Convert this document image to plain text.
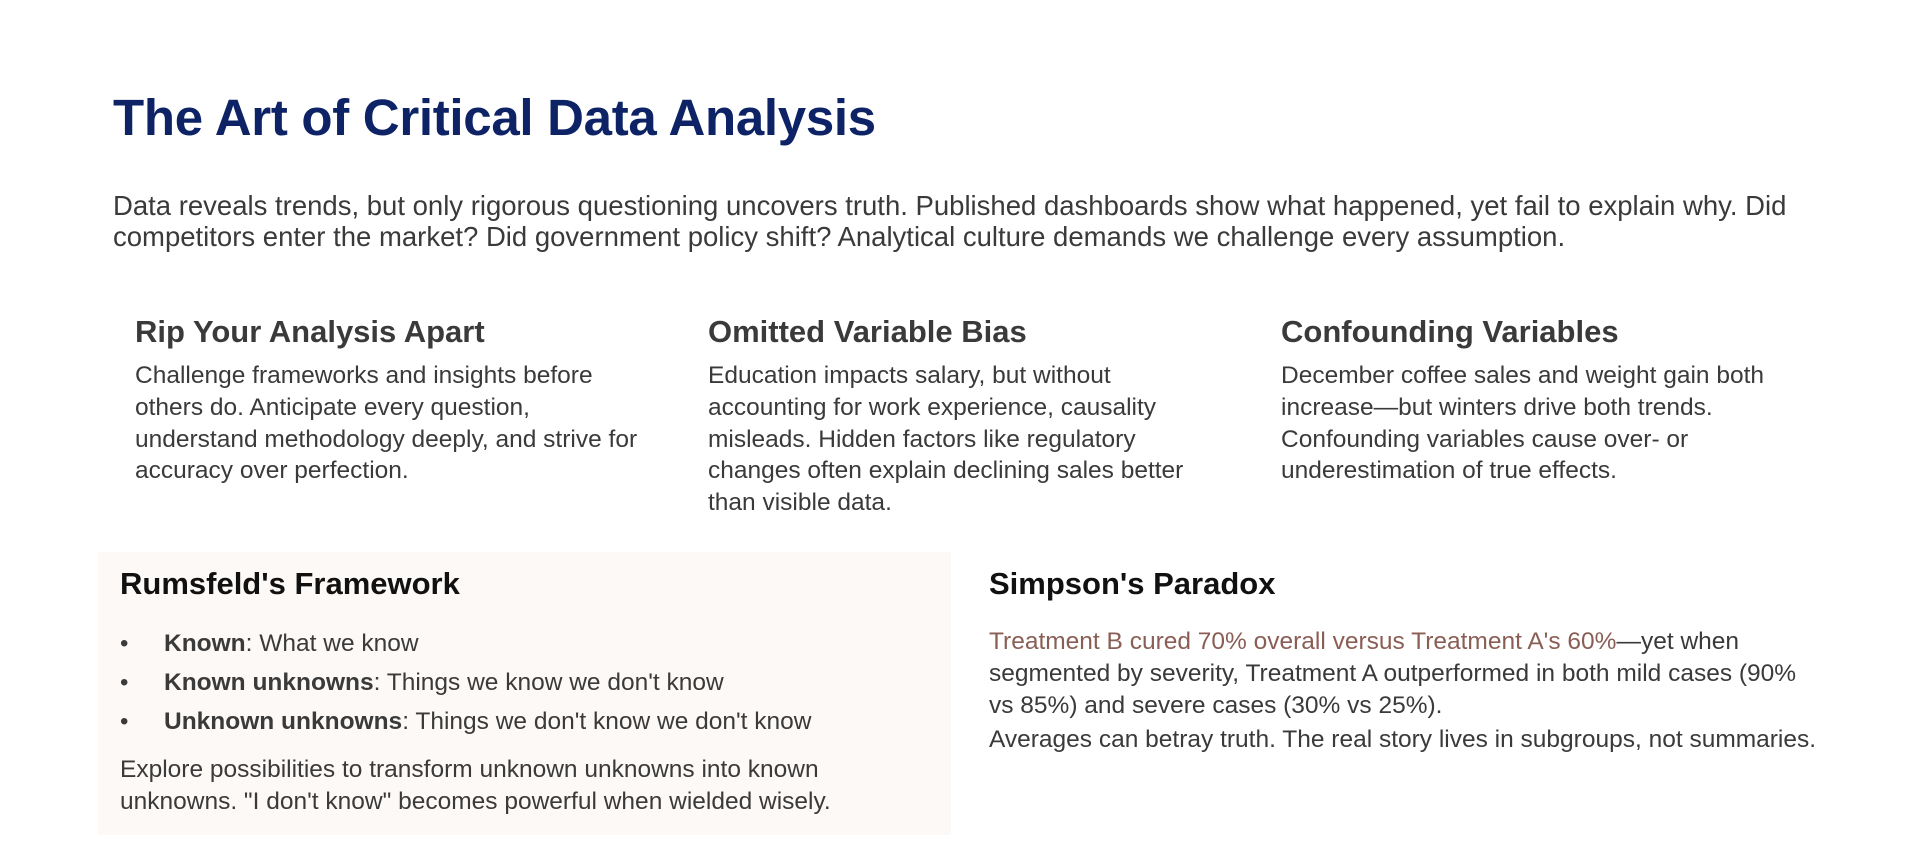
The Art of Critical Data Analysis

Data reveals trends, but only rigorous questioning uncovers truth. Published dashboards show what happened, yet fail to explain why. Did competitors enter the market? Did government policy shift? Analytical culture demands we challenge every assumption.

Rip Your Analysis Apart

Challenge frameworks and insights before others do. Anticipate every question, understand methodology deeply, and strive for accuracy over perfection.

Omitted Variable Bias

Education impacts salary, but without accounting for work experience, causality misleads. Hidden factors like regulatory changes often explain declining sales better than visible data.

Confounding Variables

December coffee sales and weight gain both increase—but winters drive both trends. Confounding variables cause over- or underestimation of true effects.

Rumsfeld's Framework
•	Known: What we know
•	Known unknowns: Things we know we don't know
•	Unknown unknowns: Things we don't know we don't know

Explore possibilities to transform unknown unknowns into known unknowns. "I don't know" becomes powerful when wielded wisely.

Simpson's Paradox

Treatment B cured 70% overall versus Treatment A's 60%—yet when segmented by severity, Treatment A outperformed in both mild cases (90% vs 85%) and severe cases (30% vs 25%).

Averages can betray truth. The real story lives in subgroups, not summaries.
